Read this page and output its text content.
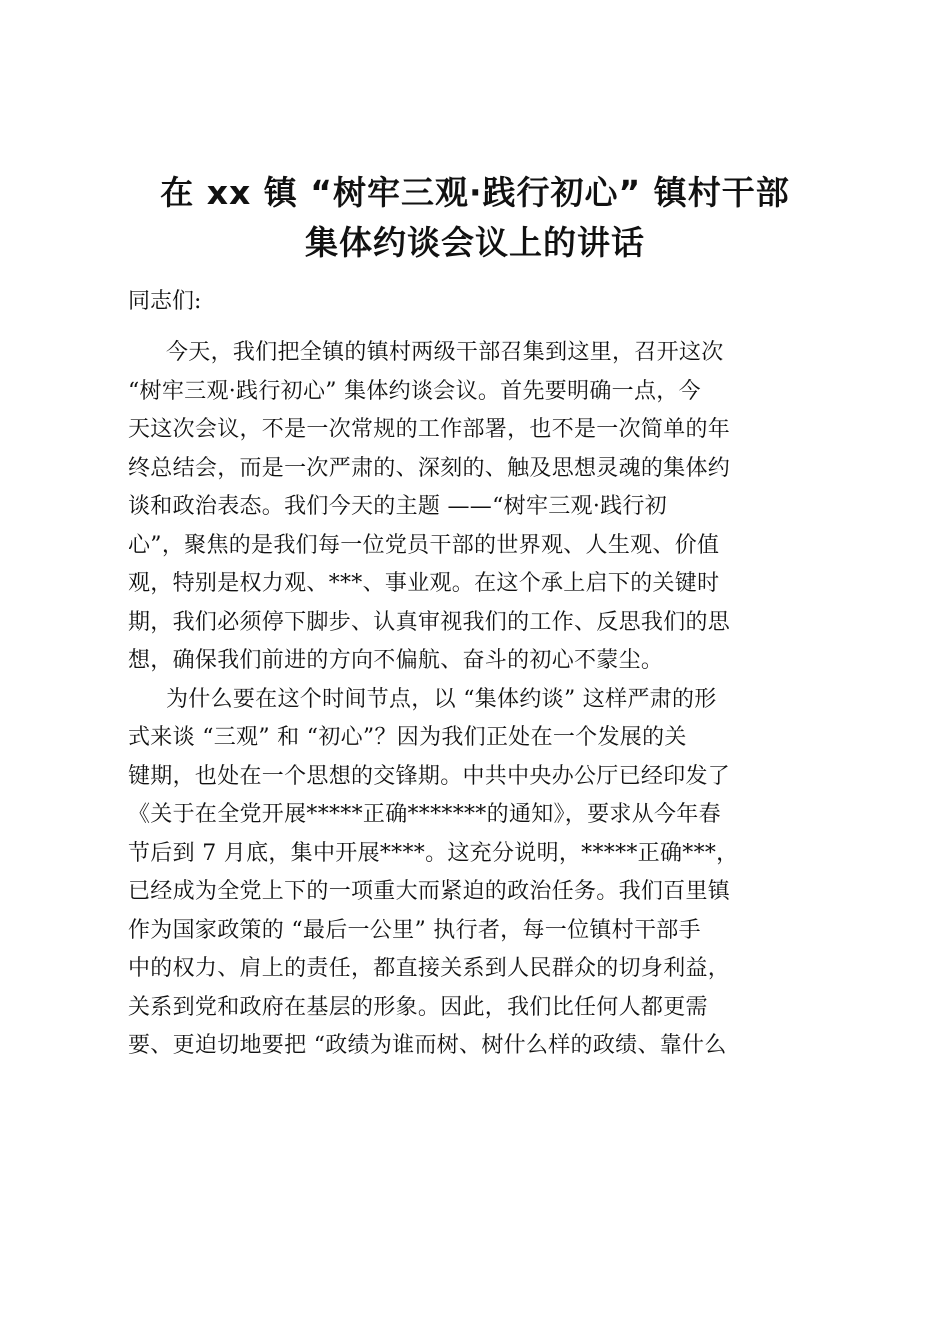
在 xx 镇 “树牢三观·践行初心” 镇村干部
集体约谈会议上的讲话
同志们:
今天，我们把全镇的镇村两级干部召集到这里，召开这次
“树牢三观·践行初心” 集体约谈会议。首先要明确一点，今
天这次会议，不是一次常规的工作部署，也不是一次简单的年
终总结会，而是一次严肃的、深刻的、触及思想灵魂的集体约
谈和政治表态。我们今天的主题 ——“树牢三观·践行初
心”，聚焦的是我们每一位党员干部的世界观、人生观、价值
观，特别是权力观、***、事业观。在这个承上启下的关键时
期，我们必须停下脚步、认真审视我们的工作、反思我们的思
想，确保我们前进的方向不偏航、奋斗的初心不蒙尘。
为什么要在这个时间节点，以 “集体约谈” 这样严肃的形
式来谈 “三观” 和 “初心”？因为我们正处在一个发展的关
键期，也处在一个思想的交锋期。中共中央办公厅已经印发了
《关于在全党开展*****正确*******的通知》，要求从今年春
节后到 7 月底，集中开展****。这充分说明，*****正确***，
已经成为全党上下的一项重大而紧迫的政治任务。我们百里镇
作为国家政策的 “最后一公里” 执行者，每一位镇村干部手
中的权力、肩上的责任，都直接关系到人民群众的切身利益，
关系到党和政府在基层的形象。因此，我们比任何人都更需
要、更迫切地要把 “政绩为谁而树、树什么样的政绩、靠什么
